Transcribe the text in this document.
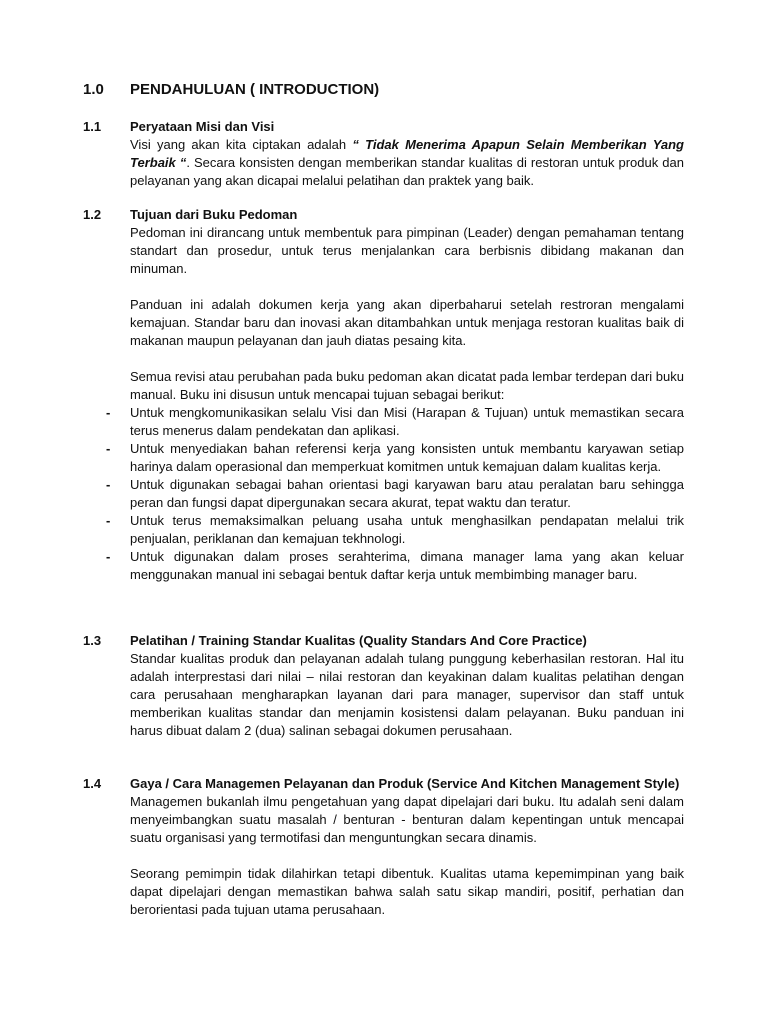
1.0 PENDAHULUAN ( INTRODUCTION)
1.1	Peryataan Misi dan Visi

Visi yang akan kita ciptakan adalah “ Tidak Menerima Apapun Selain Memberikan Yang Terbaik “. Secara konsisten dengan memberikan standar kualitas di restoran untuk produk dan pelayanan yang akan dicapai melalui pelatihan dan praktek yang baik.

1.2	Tujuan dari Buku Pedoman

Pedoman ini dirancang untuk membentuk para pimpinan (Leader) dengan pemahaman tentang standart dan prosedur, untuk terus menjalankan cara berbisnis dibidang makanan dan minuman.

Panduan ini adalah dokumen kerja yang akan diperbaharui setelah restroran mengalami kemajuan. Standar baru dan inovasi akan ditambahkan untuk menjaga restoran kualitas baik di makanan maupun pelayanan dan jauh diatas pesaing kita.

Semua revisi atau perubahan pada buku pedoman akan dicatat pada lembar terdepan dari buku manual. Buku ini disusun untuk mencapai tujuan sebagai berikut:

- Untuk mengkomunikasikan selalu Visi dan Misi (Harapan & Tujuan) untuk memastikan secara terus menerus dalam pendekatan dan aplikasi.
- Untuk menyediakan bahan referensi kerja yang konsisten untuk membantu karyawan setiap harinya dalam operasional dan memperkuat komitmen untuk kemajuan dalam kualitas kerja.
- Untuk digunakan sebagai bahan orientasi bagi karyawan baru atau peralatan baru sehingga peran dan fungsi dapat dipergunakan secara akurat, tepat waktu dan teratur.
- Untuk terus memaksimalkan peluang usaha untuk menghasilkan pendapatan melalui trik penjualan, periklanan dan kemajuan tekhnologi.
- Untuk digunakan dalam proses serahterima, dimana manager lama yang akan keluar menggunakan manual ini sebagai bentuk daftar kerja untuk membimbing manager baru.
1.3	Pelatihan / Training Standar Kualitas (Quality Standars And Core Practice)

Standar kualitas produk dan pelayanan adalah tulang punggung keberhasilan restoran. Hal itu adalah interprestasi dari nilai – nilai restoran dan keyakinan dalam kualitas pelatihan dengan cara perusahaan mengharapkan layanan dari para manager, supervisor dan staff untuk memberikan kualitas standar dan menjamin kosistensi dalam pelayanan. Buku panduan ini harus dibuat dalam 2 (dua) salinan sebagai dokumen perusahaan.

1.4	Gaya / Cara Managemen Pelayanan dan Produk (Service And Kitchen Management Style)

Managemen bukanlah ilmu pengetahuan yang dapat dipelajari dari buku. Itu adalah seni dalam menyeimbangkan suatu masalah / benturan - benturan dalam kepentingan untuk mencapai suatu organisasi yang termotifasi dan menguntungkan secara dinamis.

Seorang pemimpin tidak dilahirkan tetapi dibentuk. Kualitas utama kepemimpinan yang baik dapat dipelajari dengan memastikan bahwa salah satu sikap mandiri, positif, perhatian dan berorientasi pada tujuan utama perusahaan.
